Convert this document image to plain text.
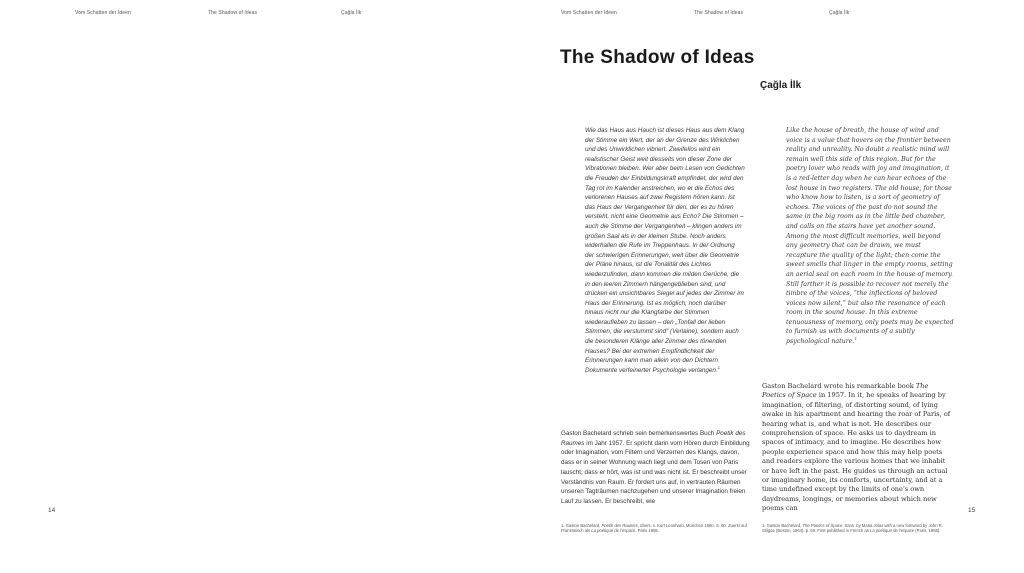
Vom Schatten der Ideen	The Shadow of Ideas	Çağla İlk	Vom Schatten der Ideen	The Shadow of Ideas	Çağla İlk
14	15
The Shadow of Ideas
Çağla İlk
Wie das Haus aus Hauch ist dieses Haus aus dem Klang der Stimme ein Wert, der an der Grenze des Wirklichen und des Unwirklichen vibriert. Zweifellos wird ein realistischer Geist weit diesseits von dieser Zone der Vibrationen bleiben. Wer aber beim Lesen von Gedichten die Freuden der Einbildungskraft empfindet, der wird den Tag rot im Kalender anstreichen, wo er die Echos des verlorenen Hauses auf zwei Registern hören kann. Ist das Haus der Vergangenheit für den, der es zu hören versteht, nicht eine Geometrie aus Echo? Die Stimmen – auch die Stimme der Vergangenheit – klingen anders im großen Saal als in der kleinen Stube. Noch anders widerhallen die Rufe im Treppenhaus. In der Ordnung der schwierigen Erinnerungen, weit über die Geometrie der Pläne hinaus, ist die Tonalität des Lichtes wiederzufinden, dann kommen die milden Gerüche, die in den leeren Zimmern hängengeblieben sind, und drücken ein unsichtbares Siegel auf jedes der Zimmer im Haus der Erinnerung. Ist es möglich, noch darüber hinaus nicht nur die Klangfarbe der Stimmen wiederaufleben zu lassen – den „Tonfall der lieben Stimmen, die verstummt sind“ (Verlaine), sondern auch die besonderen Klänge aller Zimmer des tönenden Hauses? Bei der extremen Empfindlichkeit der Erinnerungen kann man allein von den Dichtern Dokumente verfeinerter Psychologie verlangen.$^1$
Like the house of breath, the house of wind and voice is a value that hovers on the frontier between reality and unreality. No doubt a realistic mind will remain well this side of this region. But for the poetry lover who reads with joy and imagination, it is a red-letter day when he can hear echoes of the lost house in two registers. The old house, for those who know how to listen, is a sort of geometry of echoes. The voices of the past do not sound the same in the big room as in the little bed chamber, and calls on the stairs have yet another sound. Among the most difficult memories, well beyond any geometry that can be drawn, we must recapture the quality of the light; then come the sweet smells that linger in the empty rooms, setting an aerial seal on each room in the house of memory. Still farther it is possible to recover not merely the timbre of the voices, “the inflections of beloved voices now silent,” but also the resonance of each room in the sound house. In this extreme tenuousness of memory, only poets may be expected to furnish us with documents of a subtly psychological nature.$^1$
Gaston Bachelard schrieb sein bemerkenswertes Buch Poetik des Raumes im Jahr 1957. Er spricht darin vom Hören durch Einbildung oder Imagination, vom Filtern und Verzerren des Klangs, davon, dass er in seiner Wohnung wach liegt und dem Tosen von Paris lauscht, dass er hört, was ist und was nicht ist. Er beschreibt unser Verständnis von Raum. Er fordert uns auf, in vertrauten Räumen unseren Tagträumen nachzugehen und unserer Imagination freien Lauf zu lassen. Er beschreibt, wie
Gaston Bachelard wrote his remarkable book The Poetics of Space in 1957. In it, he speaks of hearing by imagination, of filtering, of distorting sound, of lying awake in his apartment and hearing the roar of Paris, of hearing what is, and what is not. He describes our comprehension of space. He asks us to daydream in spaces of intimacy, and to imagine. He describes how people experience space and how this may help poets and readers explore the various homes that we inhabit or have left in the past. He guides us through an actual or imaginary home, its comforts, uncertainty, and at a time undefined except by the limits of one's own daydreams, longings, or memories about which new poems can
1. Gaston Bachelard, Poetik des Raumes, übers. v. Kurt Leonhard, München 1960, S. 80. Zuerst auf Französisch als La poétique de l'espace, Paris 1958.
1. Gaston Bachelard, The Poetics of Space, trans. by Maria Jolas with a new foreword by John R. Stilgoe (Boston, 1964), p. 60. First published in French as La poétique de l'espace (Paris, 1958).
